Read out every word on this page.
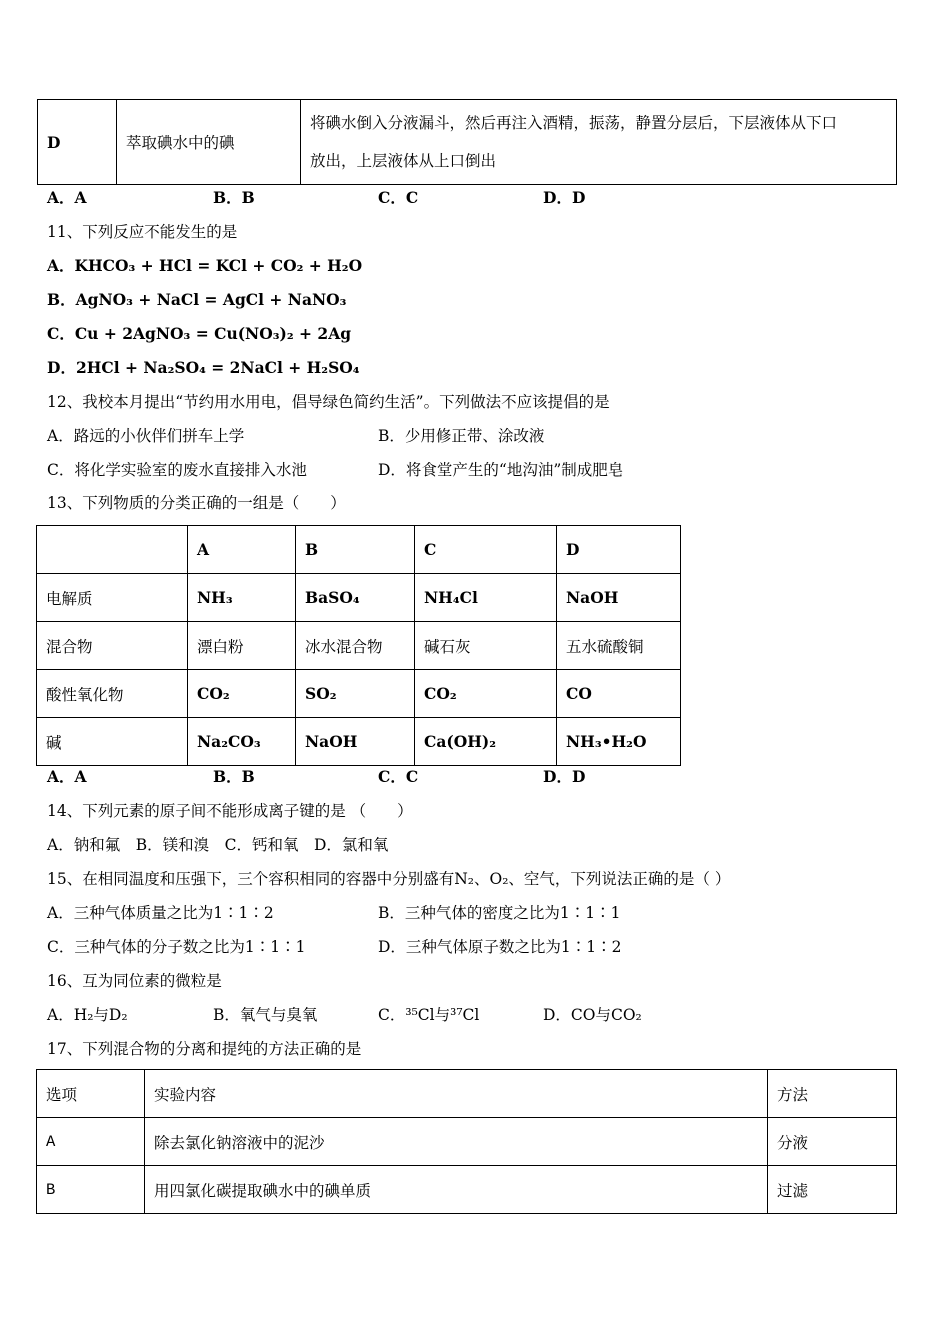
D	萃取碘水中的碘	
将碘水倒入分液漏斗，然后再注入酒精，振荡，静置分层后，下层液体从下口
放出，上层液体从上口倒出
A．A	B．B	C．C	D．D
11、下列反应不能发生的是
A．KHCO₃ + HCl = KCl + CO₂ + H₂O
B．AgNO₃ + NaCl = AgCl + NaNO₃
C．Cu + 2AgNO₃ = Cu(NO₃)₂ + 2Ag
D．2HCl + Na₂SO₄ = 2NaCl + H₂SO₄
12、我校本月提出“节约用水用电，倡导绿色简约生活”。下列做法不应该提倡的是
A．路远的小伙伴们拼车上学	B．少用修正带、涂改液
C．将化学实验室的废水直接排入水池	D．将食堂产生的“地沟油”制成肥皂
13、下列物质的分类正确的一组是（　　）
	A	B	C	D
电解质	NH₃	BaSO₄	NH₄Cl	NaOH
混合物	漂白粉	冰水混合物	碱石灰	五水硫酸铜
酸性氧化物	CO₂	SO₂	CO₂	CO
碱	Na₂CO₃	NaOH	Ca(OH)₂	NH₃•H₂O
A．A	B．B	C．C	D．D
14、下列元素的原子间不能形成离子键的是 （　　）
A．钠和氟　B．镁和溴　C．钙和氧　D．氯和氧
15、在相同温度和压强下，三个容积相同的容器中分别盛有N₂、O₂、空气，下列说法正确的是（ ）
A．三种气体质量之比为1∶1∶2	B．三种气体的密度之比为1∶1∶1
C．三种气体的分子数之比为1∶1∶1	D．三种气体原子数之比为1∶1∶2
16、互为同位素的微粒是
A．H₂与D₂	B．氧气与臭氧	C．³⁵Cl与³⁷Cl	D．CO与CO₂
17、下列混合物的分离和提纯的方法正确的是
选项	实验内容	方法
A	除去氯化钠溶液中的泥沙	分液
B	用四氯化碳提取碘水中的碘单质	过滤
